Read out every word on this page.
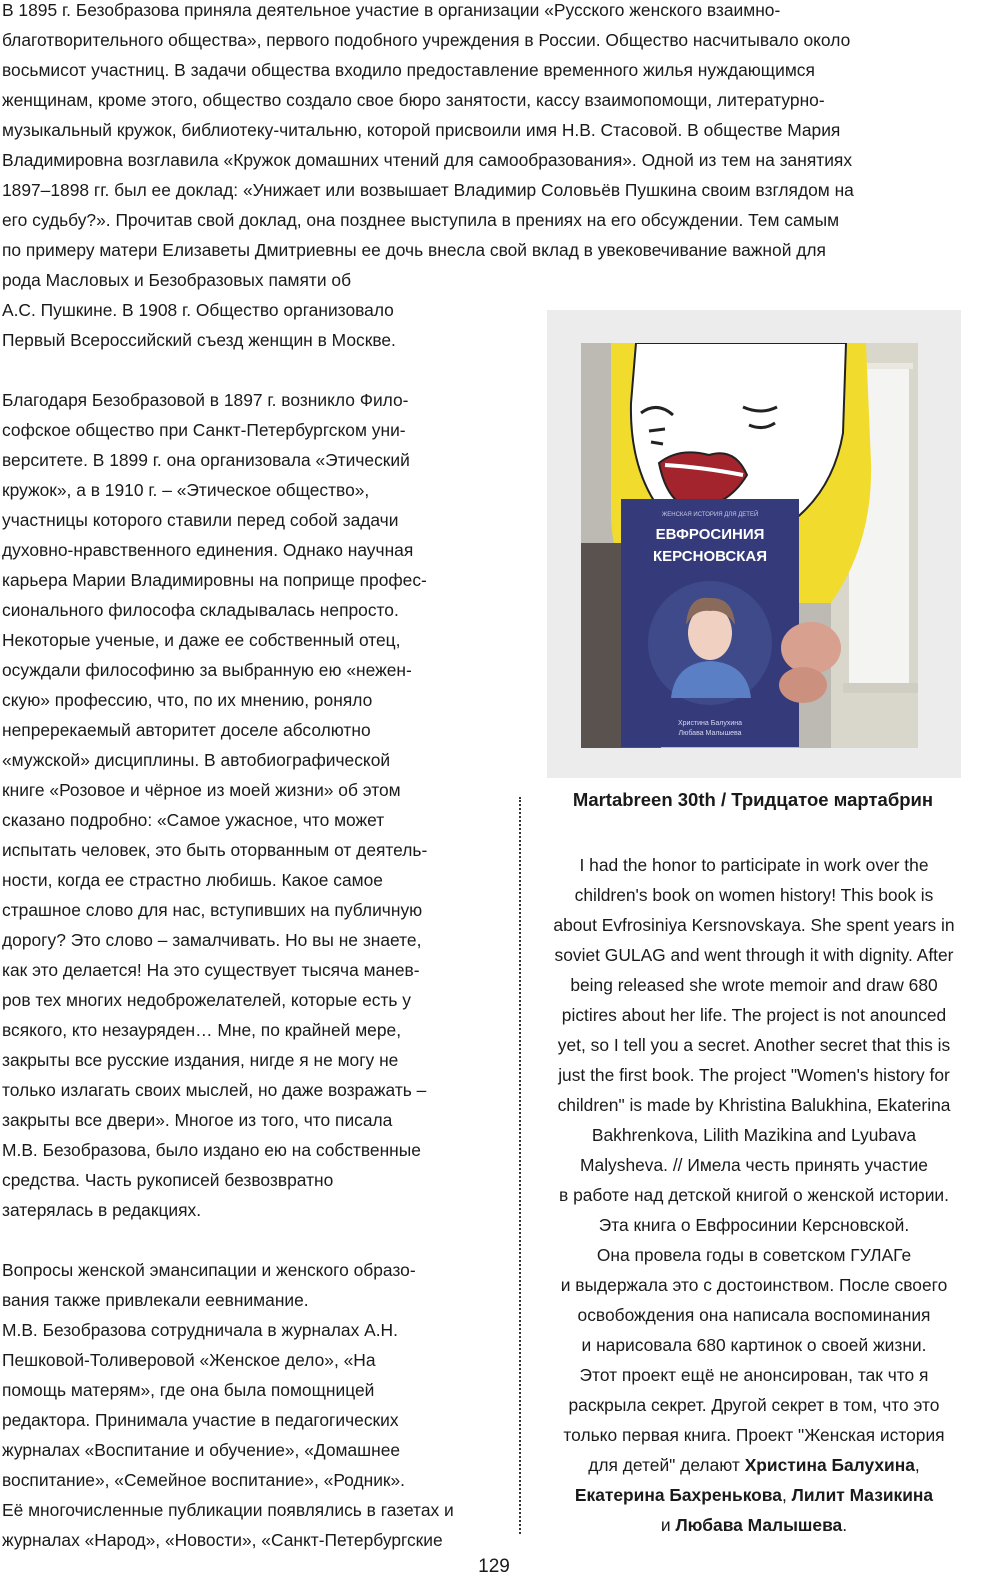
В 1895 г. Безобразова приняла деятельное участие в организации «Русского женского взаимно-
благотворительного общества», первого подобного учреждения в России. Общество насчитывало около
восьмисот участниц. В задачи общества входило предоставление временного жилья нуждающимся
женщинам, кроме этого, общество создало свое бюро занятости, кассу взаимопомощи, литературно-
музыкальный кружок, библиотеку-читальню, которой присвоили имя Н.В. Стасовой. В обществе Мария
Владимировна возглавила «Кружок домашних чтений для самообразования». Одной из тем на занятиях
1897–1898 гг. был ее доклад: «Унижает или возвышает Владимир Соловьёв Пушкина своим взглядом на
его судьбу?». Прочитав свой доклад, она позднее выступила в прениях на его обсуждении. Тем самым
по примеру матери Елизаветы Дмитриевны ее дочь внесла свой вклад в увековечивание важной для
рода Масловых и Безобразовых памяти об

А.С. Пушкине. В 1908 г. Общество организовало
Первый Всероссийский съезд женщин в Москве.

Благодаря Безобразовой в 1897 г. возникло Фило-
софское общество при Санкт-Петербургском уни-
верситете. В 1899 г. она организовала «Этический
кружок», а в 1910 г. – «Этическое общество»,
участницы которого ставили перед собой задачи
духовно-нравственного единения. Однако научная
карьера Марии Владимировны на поприще профес-
сионального философа складывалась непросто.
Некоторые ученые, и даже ее собственный отец,
осуждали философиню за выбранную ею «нежен-
скую» профессию, что, по их мнению, роняло
непререкаемый авторитет доселе абсолютно
«мужской» дисциплины. В автобиографической
книге «Розовое и чёрное из моей жизни» об этом
сказано подробно: «Самое ужасное, что может
испытать человек, это быть оторванным от деятель-
ности, когда ее страстно любишь. Какое самое
страшное слово для нас, вступивших на публичную
дорогу? Это слово – замалчивать. Но вы не знаете,
как это делается! На это существует тысяча манев-
ров тех многих недоброжелателей, которые есть у
всякого, кто незауряден… Мне, по крайней мере,
закрыты все русские издания, нигде я не могу не
только излагать своих мыслей, но даже возражать –
закрыты все двери». Многое из того, что писала
М.В. Безобразова, было издано ею на собственные
средства. Часть рукописей безвозвратно
затерялась в редакциях.

Вопросы женской эмансипации и женского образо-
вания также привлекали еевнимание.
М.В. Безобразова сотрудничала в журналах А.Н.
Пешковой-Толиверовой «Женское дело», «На
помощь матерям», где она была помощницей
редактора. Принимала участие в педагогических
журналах «Воспитание и обучение», «Домашнее
воспитание», «Семейное воспитание», «Родник».
Её многочисленные публикации появлялись в газетах и
журналах «Народ», «Новости», «Санкт-Петербургские

ЖЕНСКАЯ ИСТОРИЯ ДЛЯ ДЕТЕЙ
ЕВФРОСИНИЯ
КЕРСНОВСКАЯ
Христина Балухина
Любава Малышева

Martabreen 30th / Тридцатое мартабрин

I had the honor to participate in work over the
children's book on women history! This book is
about Evfrosiniya Kersnovskaya. She spent years in
soviet GULAG and went through it with dignity. After
being released she wrote memoir and draw 680
pictires about her life. The project is not anounced
yet, so I tell you a secret. Another secret that this is
just the first book. The project "Women's history for
children" is made by Khristina Balukhina, Ekaterina
Bakhrenkova, Lilith Mazikina and Lyubava
Malysheva. // Имела честь принять участие
в работе над детской книгой о женской истории.
Эта книга о Евфросинии Керсновской.
Она провела годы в советском ГУЛАГе
и выдержала это с достоинством. После своего
освобождения она написала воспоминания
и нарисовала 680 картинок о своей жизни.
Этот проект ещё не анонсирован, так что я
раскрыла секрет. Другой секрет в том, что это
только первая книга. Проект "Женская история
для детей" делают Христина Балухина,
Екатерина Бахренькова, Лилит Мазикина
и Любава Малышева.

129
